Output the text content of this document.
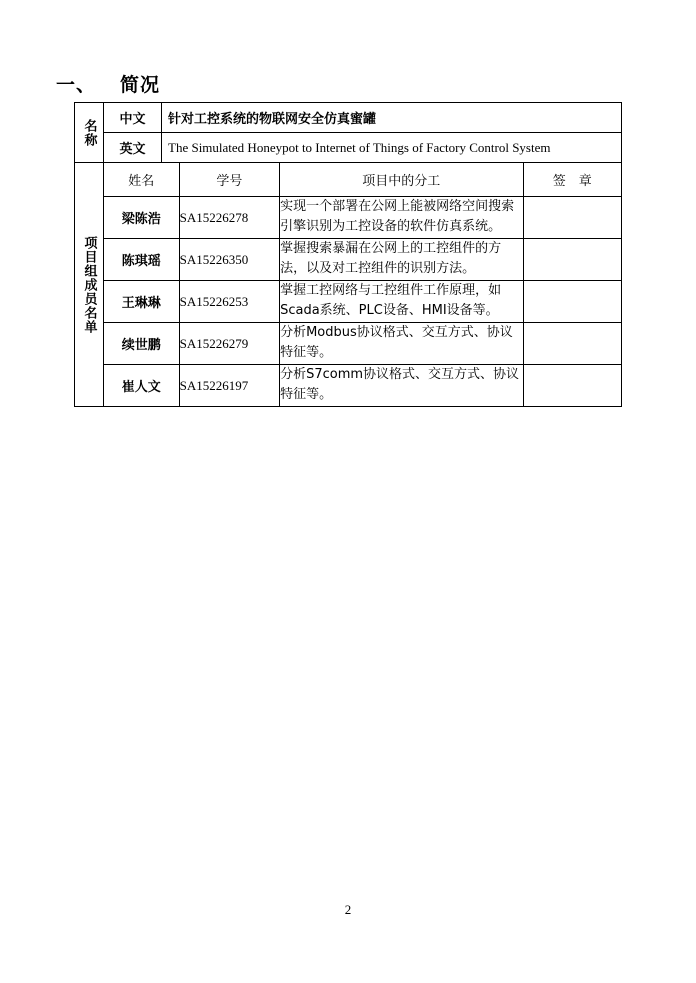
一、 简况
名称	中文	针对工控系统的物联网安全仿真蜜罐			
	英文	The Simulated Honeypot to Internet of Things of Factory Control System			

项目组成员名单	姓名		学号	项目中的分工	签　章
	梁陈浩		SA15226278	实现一个部署在公网上能被网络空间搜索引擎识别为工控设备的软件仿真系统。	
	陈琪瑶		SA15226350	掌握搜索暴漏在公网上的工控组件的方法，以及对工控组件的识别方法。	
	王琳琳		SA15226253	掌握工控网络与工控组件工作原理，如Scada系统、PLC设备、HMI设备等。	
	续世鹏		SA15226279	分析Modbus协议格式、交互方式、协议特征等。	
	崔人文		SA15226197	分析S7comm协议格式、交互方式、协议特征等。	
2
